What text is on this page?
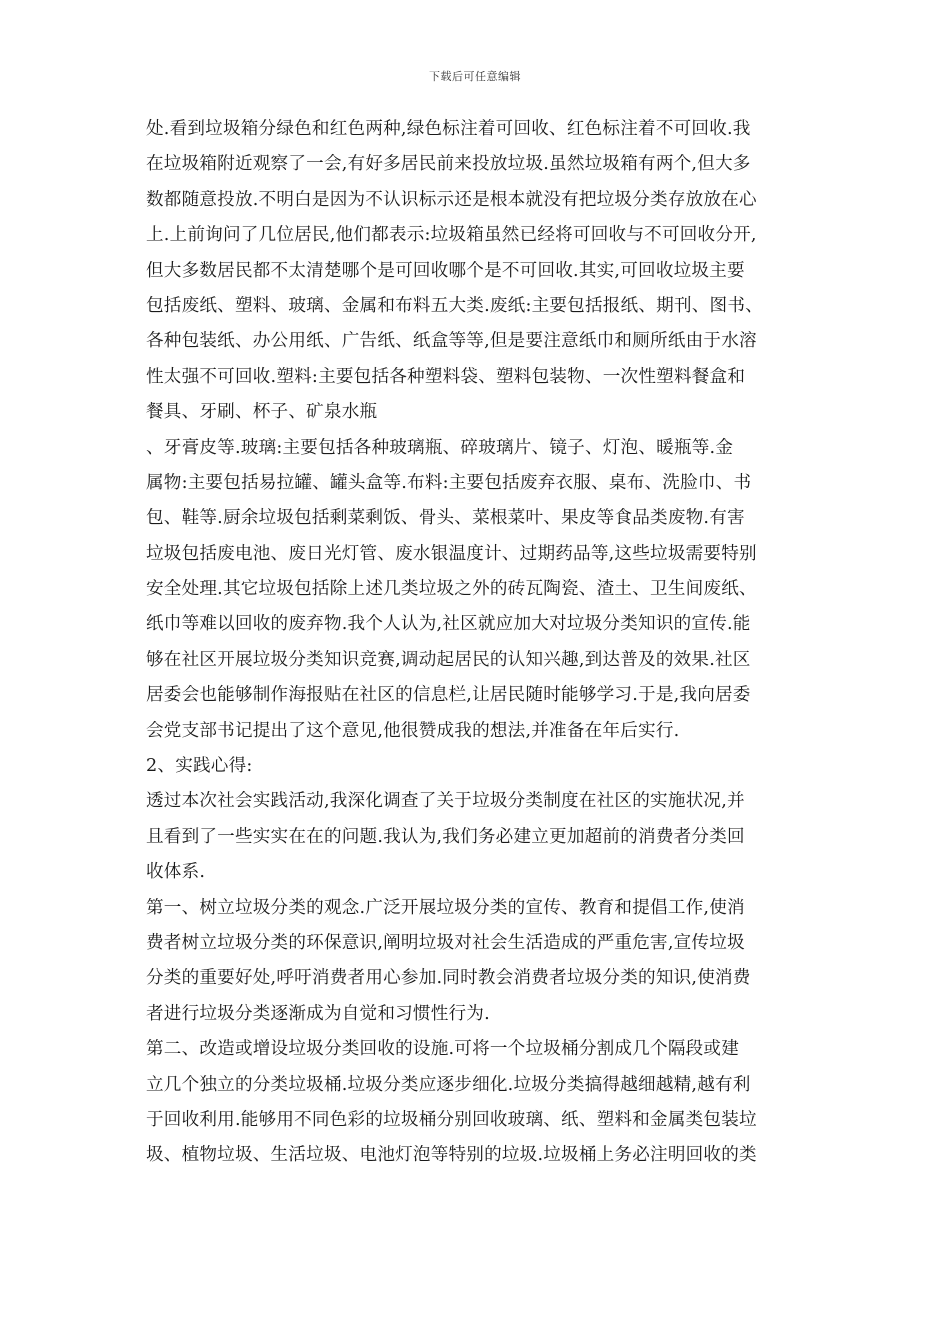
下载后可任意编辑
处.看到垃圾箱分绿色和红色两种,绿色标注着可回收、红色标注着不可回收.我
在垃圾箱附近观察了一会,有好多居民前来投放垃圾.虽然垃圾箱有两个,但大多
数都随意投放.不明白是因为不认识标示还是根本就没有把垃圾分类存放放在心
上.上前询问了几位居民,他们都表示:垃圾箱虽然已经将可回收与不可回收分开,
但大多数居民都不太清楚哪个是可回收哪个是不可回收.其实,可回收垃圾主要
包括废纸、塑料、玻璃、金属和布料五大类.废纸:主要包括报纸、期刊、图书、
各种包装纸、办公用纸、广告纸、纸盒等等,但是要注意纸巾和厕所纸由于水溶
性太强不可回收.塑料:主要包括各种塑料袋、塑料包装物、一次性塑料餐盒和
餐具、牙刷、杯子、矿泉水瓶
、牙膏皮等.玻璃:主要包括各种玻璃瓶、碎玻璃片、镜子、灯泡、暖瓶等.金
属物:主要包括易拉罐、罐头盒等.布料:主要包括废弃衣服、桌布、洗脸巾、书
包、鞋等.厨余垃圾包括剩菜剩饭、骨头、菜根菜叶、果皮等食品类废物.有害
垃圾包括废电池、废日光灯管、废水银温度计、过期药品等,这些垃圾需要特别
安全处理.其它垃圾包括除上述几类垃圾之外的砖瓦陶瓷、渣土、卫生间废纸、
纸巾等难以回收的废弃物.我个人认为,社区就应加大对垃圾分类知识的宣传.能
够在社区开展垃圾分类知识竞赛,调动起居民的认知兴趣,到达普及的效果.社区
居委会也能够制作海报贴在社区的信息栏,让居民随时能够学习.于是,我向居委
会党支部书记提出了这个意见,他很赞成我的想法,并准备在年后实行.
2、实践心得:
透过本次社会实践活动,我深化调查了关于垃圾分类制度在社区的实施状况,并
且看到了一些实实在在的问题.我认为,我们务必建立更加超前的消费者分类回
收体系.
第一、树立垃圾分类的观念.广泛开展垃圾分类的宣传、教育和提倡工作,使消
费者树立垃圾分类的环保意识,阐明垃圾对社会生活造成的严重危害,宣传垃圾
分类的重要好处,呼吁消费者用心参加.同时教会消费者垃圾分类的知识,使消费
者进行垃圾分类逐渐成为自觉和习惯性行为.
第二、改造或增设垃圾分类回收的设施.可将一个垃圾桶分割成几个隔段或建
立几个独立的分类垃圾桶.垃圾分类应逐步细化.垃圾分类搞得越细越精,越有利
于回收利用.能够用不同色彩的垃圾桶分别回收玻璃、纸、塑料和金属类包装垃
圾、植物垃圾、生活垃圾、电池灯泡等特别的垃圾.垃圾桶上务必注明回收的类
